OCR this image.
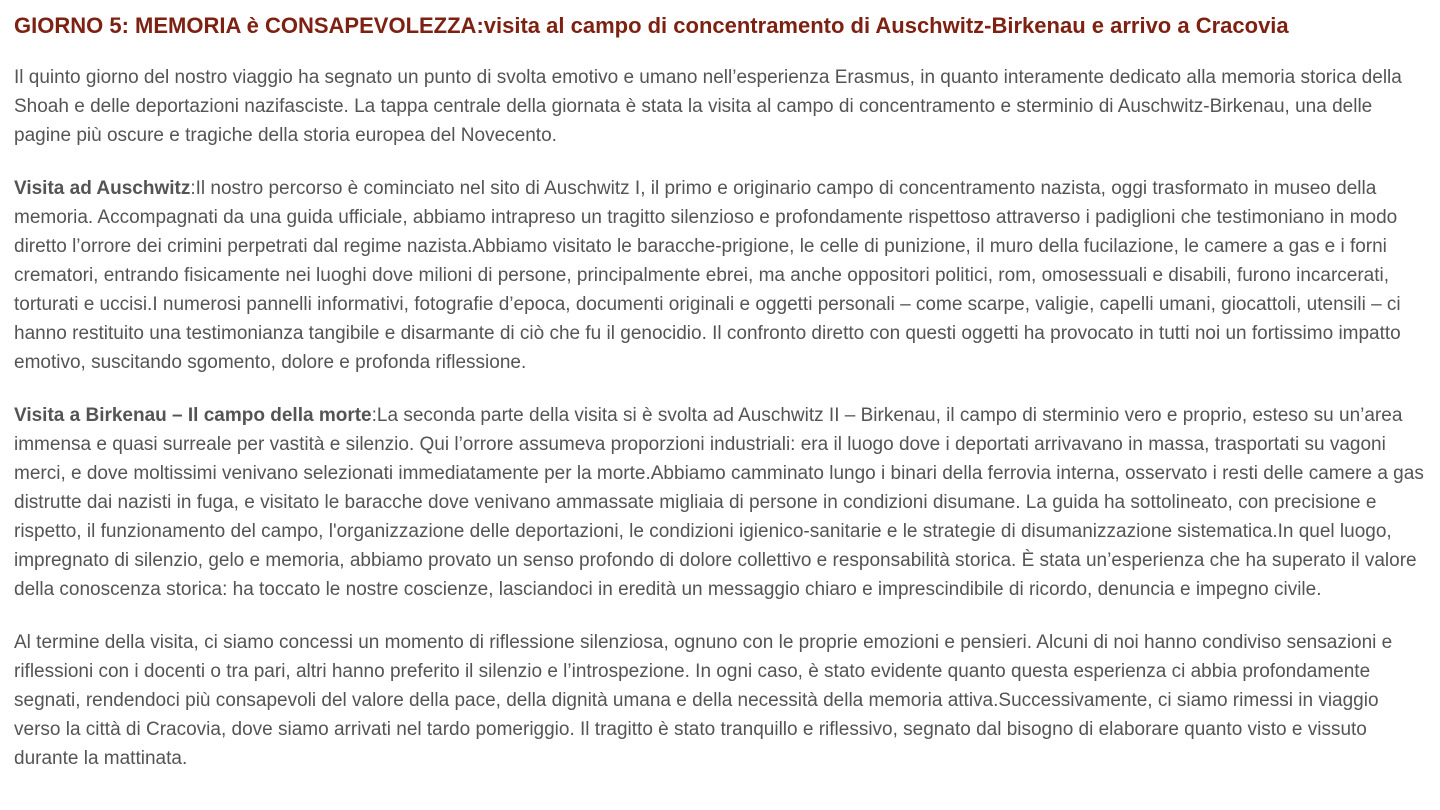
GIORNO 5: MEMORIA è CONSAPEVOLEZZA:visita al campo di concentramento di Auschwitz-Birkenau e arrivo a Cracovia

Il quinto giorno del nostro viaggio ha segnato un punto di svolta emotivo e umano nell’esperienza Erasmus, in quanto interamente dedicato alla memoria storica della Shoah e delle deportazioni nazifasciste. La tappa centrale della giornata è stata la visita al campo di concentramento e sterminio di Auschwitz-Birkenau, una delle pagine più oscure e tragiche della storia europea del Novecento.

Visita ad Auschwitz:Il nostro percorso è cominciato nel sito di Auschwitz I, il primo e originario campo di concentramento nazista, oggi trasformato in museo della memoria. Accompagnati da una guida ufficiale, abbiamo intrapreso un tragitto silenzioso e profondamente rispettoso attraverso i padiglioni che testimoniano in modo diretto l’orrore dei crimini perpetrati dal regime nazista.Abbiamo visitato le baracche-prigione, le celle di punizione, il muro della fucilazione, le camere a gas e i forni crematori, entrando fisicamente nei luoghi dove milioni di persone, principalmente ebrei, ma anche oppositori politici, rom, omosessuali e disabili, furono incarcerati, torturati e uccisi.I numerosi pannelli informativi, fotografie d’epoca, documenti originali e oggetti personali – come scarpe, valigie, capelli umani, giocattoli, utensili – ci hanno restituito una testimonianza tangibile e disarmante di ciò che fu il genocidio. Il confronto diretto con questi oggetti ha provocato in tutti noi un fortissimo impatto emotivo, suscitando sgomento, dolore e profonda riflessione.

Visita a Birkenau – Il campo della morte:La seconda parte della visita si è svolta ad Auschwitz II – Birkenau, il campo di sterminio vero e proprio, esteso su un’area immensa e quasi surreale per vastità e silenzio. Qui l’orrore assumeva proporzioni industriali: era il luogo dove i deportati arrivavano in massa, trasportati su vagoni merci, e dove moltissimi venivano selezionati immediatamente per la morte.Abbiamo camminato lungo i binari della ferrovia interna, osservato i resti delle camere a gas distrutte dai nazisti in fuga, e visitato le baracche dove venivano ammassate migliaia di persone in condizioni disumane. La guida ha sottolineato, con precisione e rispetto, il funzionamento del campo, l'organizzazione delle deportazioni, le condizioni igienico-sanitarie e le strategie di disumanizzazione sistematica.In quel luogo, impregnato di silenzio, gelo e memoria, abbiamo provato un senso profondo di dolore collettivo e responsabilità storica. È stata un’esperienza che ha superato il valore della conoscenza storica: ha toccato le nostre coscienze, lasciandoci in eredità un messaggio chiaro e imprescindibile di ricordo, denuncia e impegno civile.

Al termine della visita, ci siamo concessi un momento di riflessione silenziosa, ognuno con le proprie emozioni e pensieri. Alcuni di noi hanno condiviso sensazioni e riflessioni con i docenti o tra pari, altri hanno preferito il silenzio e l’introspezione. In ogni caso, è stato evidente quanto questa esperienza ci abbia profondamente segnati, rendendoci più consapevoli del valore della pace, della dignità umana e della necessità della memoria attiva.Successivamente, ci siamo rimessi in viaggio verso la città di Cracovia, dove siamo arrivati nel tardo pomeriggio. Il tragitto è stato tranquillo e riflessivo, segnato dal bisogno di elaborare quanto visto e vissuto durante la mattinata.
